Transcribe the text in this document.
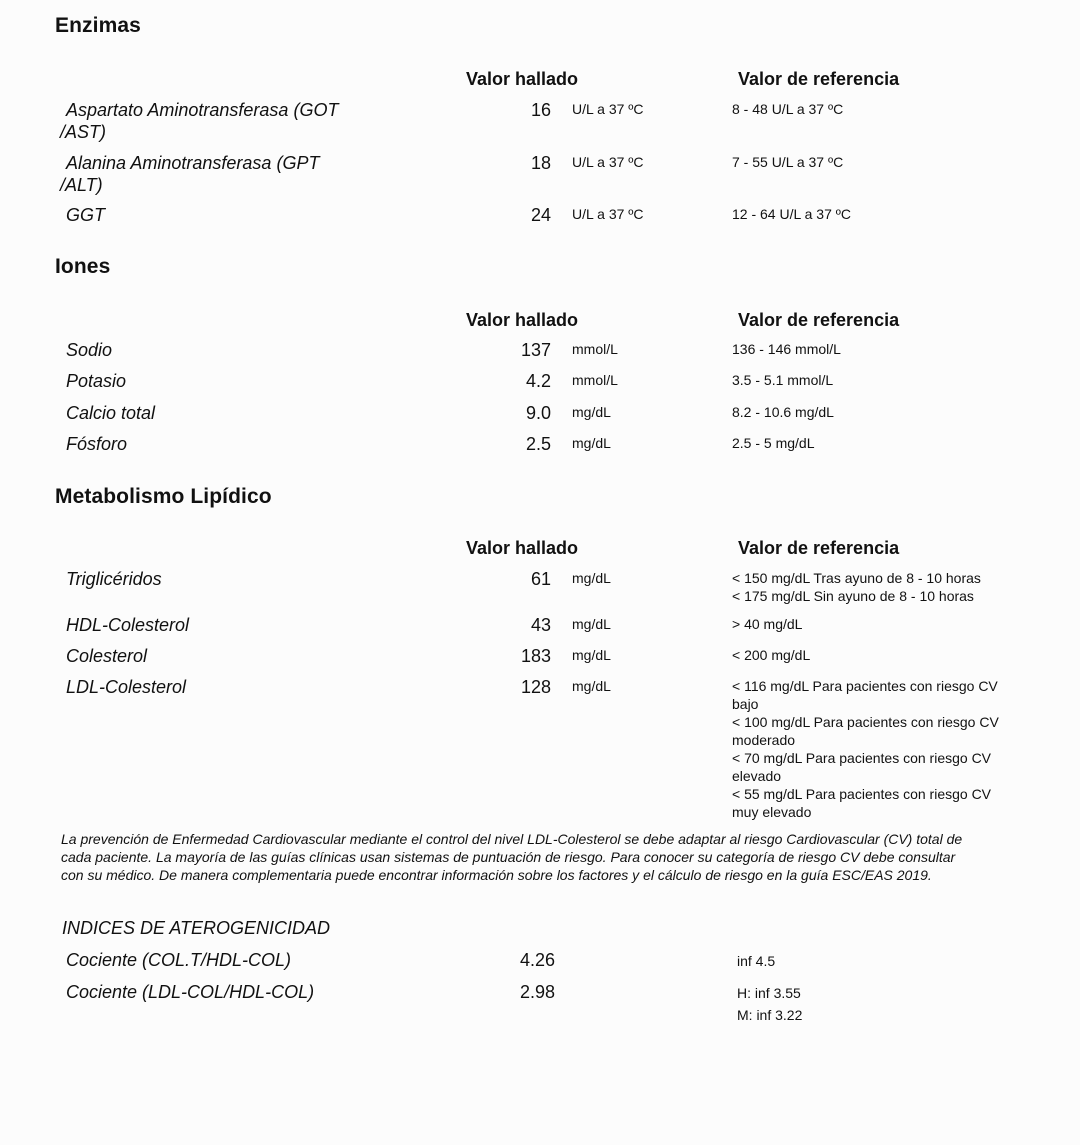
Enzimas
Valor hallado	Valor de referencia
Aspartato Aminotransferasa (GOT
/AST)
16 U/L a 37 ºC	8 - 48 U/L a 37 ºC
Alanina Aminotransferasa (GPT
/ALT)
18 U/L a 37 ºC	7 - 55 U/L a 37 ºC
GGT	24 U/L a 37 ºC	12 - 64 U/L a 37 ºC
Iones
Valor hallado	Valor de referencia
Sodio	137 mmol/L	136 - 146 mmol/L
Potasio	4.2 mmol/L	3.5 - 5.1 mmol/L
Calcio total	9.0 mg/dL	8.2 - 10.6 mg/dL
Fósforo	2.5 mg/dL	2.5 - 5 mg/dL
Metabolismo Lipídico
Valor hallado	Valor de referencia
Triglicéridos	61 mg/dL	< 150 mg/dL Tras ayuno de 8 - 10 horas
< 175 mg/dL Sin ayuno de 8 - 10 horas
HDL-Colesterol	43 mg/dL	> 40 mg/dL
Colesterol	183 mg/dL	< 200 mg/dL
LDL-Colesterol	128 mg/dL	< 116 mg/dL Para pacientes con riesgo CV
bajo
< 100 mg/dL Para pacientes con riesgo CV
moderado
< 70 mg/dL Para pacientes con riesgo CV
elevado
< 55 mg/dL Para pacientes con riesgo CV
muy elevado
La prevención de Enfermedad Cardiovascular mediante el control del nivel LDL-Colesterol se debe adaptar al riesgo Cardiovascular (CV) total de
cada paciente. La mayoría de las guías clínicas usan sistemas de puntuación de riesgo. Para conocer su categoría de riesgo CV debe consultar
con su médico. De manera complementaria puede encontrar información sobre los factores y el cálculo de riesgo en la guía ESC/EAS 2019.
INDICES DE ATEROGENICIDAD
Cociente (COL.T/HDL-COL)	4.26	inf 4.5
Cociente (LDL-COL/HDL-COL)	2.98	H: inf 3.55
M: inf 3.22
